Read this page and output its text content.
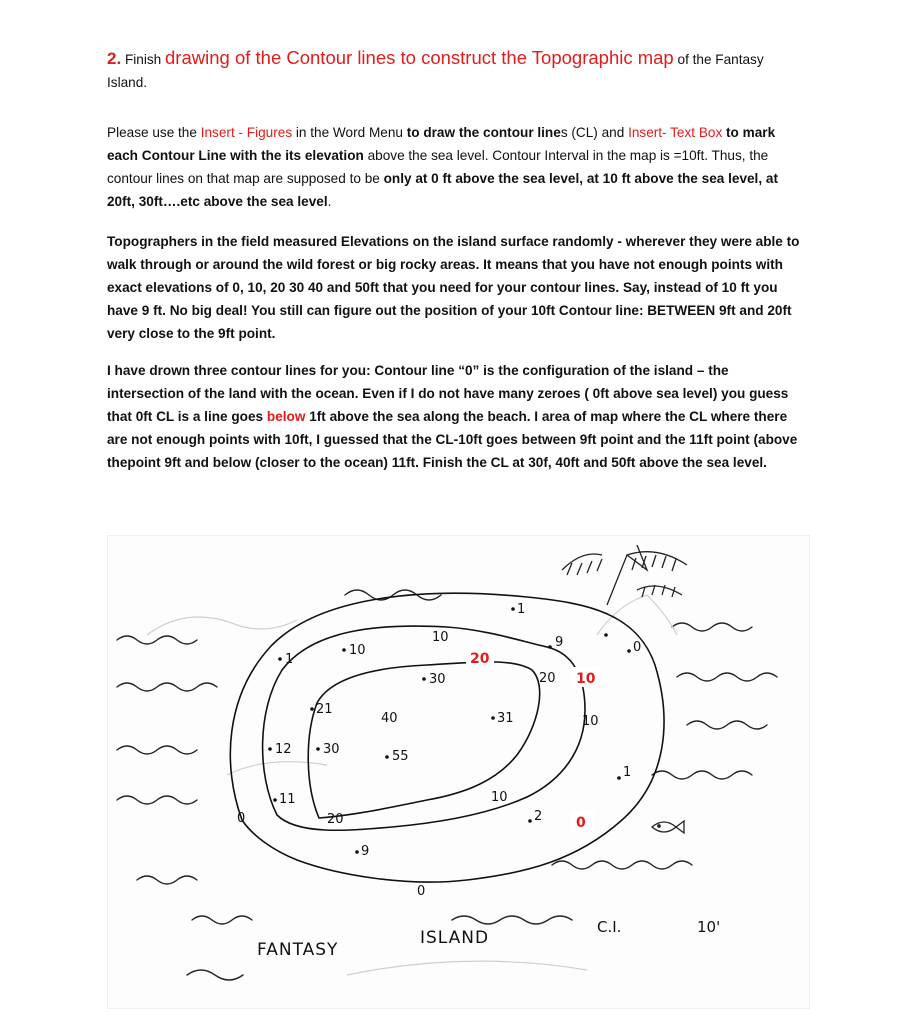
2. Finish drawing of the Contour lines to construct the Topographic map of the Fantasy Island.
Please use the Insert - Figures in the Word Menu to draw the contour lines (CL) and Insert- Text Box to mark each Contour Line with the its elevation above the sea level. Contour Interval in the map is =10ft. Thus, the contour lines on that map are supposed to be only at 0 ft above the sea level, at 10 ft above the sea level, at 20ft, 30ft….etc above the sea level.
Topographers in the field measured Elevations on the island surface randomly - wherever they were able to walk through or around the wild forest or big rocky areas. It means that you have not enough points with exact elevations of 0, 10, 20 30 40 and 50ft that you need for your contour lines. Say, instead of 10 ft you have 9 ft. No big deal! You still can figure out the position of your 10ft Contour line: BETWEEN 9ft and 20ft very close to the 9ft point.
I have drown three contour lines for you: Contour line “0” is the configuration of the island – the intersection of the land with the ocean. Even if I do not have many zeroes ( 0ft above sea level) you guess that 0ft CL is a line goes below 1ft above the sea along the beach. I area of map where the CL where there are not enough points with 10ft, I guessed that the CL-10ft goes between 9ft point and the 11ft point (above thepoint 9ft and below (closer to the ocean) 11ft. Finish the CL at 30f, 40ft and 50ft above the sea level.
1
10
10
1
9	0
30	20
21
40	31	10
12 30	55
1
11
0	20
10
2
9
0
20
10
0
FANTASY
ISLAND
C.I.	10'
